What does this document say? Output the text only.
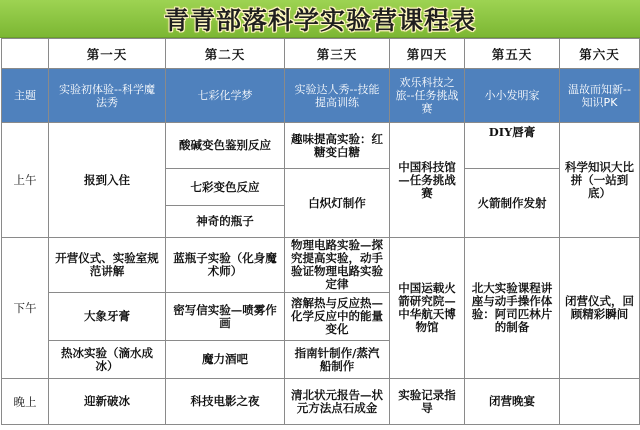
青青部落科学实验营课程表
	第一天	第二天	第三天	第四天	第五天	第六天
主题	实验初体验--科学魔法秀	七彩化学梦	实验达人秀--技能提高训练	欢乐科技之旅--任务挑战赛	小小发明家	温故而知新--知识PK
上午	报到入住	酸碱变色鉴别反应	趣味提高实验：红糖变白糖	中国科技馆—任务挑战赛	DIY唇膏	科学知识大比拼（一站到底）
		七彩变色反应	白炽灯制作		火箭制作发射	
		神奇的瓶子				
下午	开营仪式、实验室规范讲解	蓝瓶子实验（化身魔术师）	物理电路实验—探究提高实验，动手验证物理电路实验定律	中国运载火箭研究院—中华航天博物馆	北大实验课程讲座与动手操作体验：阿司匹林片的制备	闭营仪式，回顾精彩瞬间
	大象牙膏	密写信实验—喷雾作画	溶解热与反应热—化学反应中的能量变化			
	热冰实验（滴水成冰）	魔力酒吧	指南针制作/蒸汽船制作			
晚上	迎新破冰	科技电影之夜	清北状元报告—状元方法点石成金	实验记录指导	闭营晚宴	
